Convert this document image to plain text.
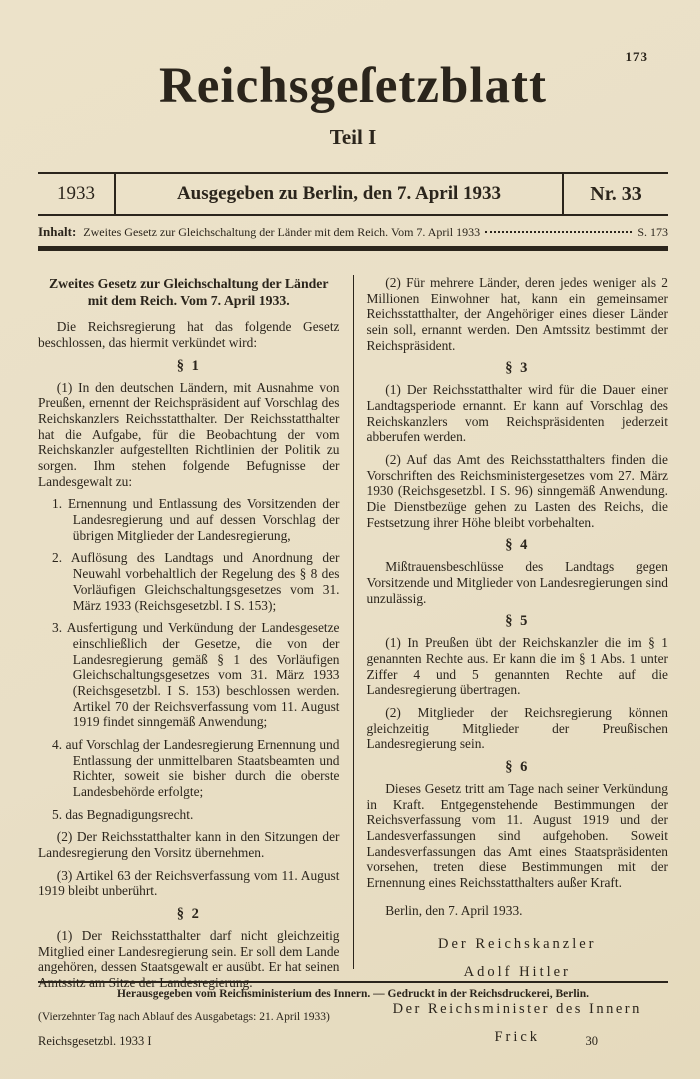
173
Reichsgeſetzblatt
Teil I
1933	Ausgegeben zu Berlin, den 7. April 1933	Nr. 33
Inhalt: Zweites Gesetz zur Gleichschaltung der Länder mit dem Reich. Vom 7. April 1933	S. 173
Zweites Gesetz zur Gleichschaltung der Länder mit dem Reich. Vom 7. April 1933.

Die Reichsregierung hat das folgende Gesetz beschlossen, das hiermit verkündet wird:

§ 1

(1) In den deutschen Ländern, mit Ausnahme von Preußen, ernennt der Reichspräsident auf Vorschlag des Reichskanzlers Reichsstatthalter. Der Reichsstatthalter hat die Aufgabe, für die Beobachtung der vom Reichskanzler aufgestellten Richtlinien der Politik zu sorgen. Ihm stehen folgende Befugnisse der Landesgewalt zu:

1. Ernennung und Entlassung des Vorsitzenden der Landesregierung und auf dessen Vorschlag der übrigen Mitglieder der Landesregierung,
2. Auflösung des Landtags und Anordnung der Neuwahl vorbehaltlich der Regelung des § 8 des Vorläufigen Gleichschaltungsgesetzes vom 31. März 1933 (Reichsgesetzbl. I S. 153);
3. Ausfertigung und Verkündung der Landesgesetze einschließlich der Gesetze, die von der Landesregierung gemäß § 1 des Vorläufigen Gleichschaltungsgesetzes vom 31. März 1933 (Reichsgesetzbl. I S. 153) beschlossen werden. Artikel 70 der Reichsverfassung vom 11. August 1919 findet sinngemäß Anwendung;
4. auf Vorschlag der Landesregierung Ernennung und Entlassung der unmittelbaren Staatsbeamten und Richter, soweit sie bisher durch die oberste Landesbehörde erfolgte;
5. das Begnadigungsrecht.

(2) Der Reichsstatthalter kann in den Sitzungen der Landesregierung den Vorsitz übernehmen.

(3) Artikel 63 der Reichsverfassung vom 11. August 1919 bleibt unberührt.

§ 2

(1) Der Reichsstatthalter darf nicht gleichzeitig Mitglied einer Landesregierung sein. Er soll dem Lande angehören, dessen Staatsgewalt er ausübt. Er hat seinen Amtssitz am Sitze der Landesregierung.

(2) Für mehrere Länder, deren jedes weniger als 2 Millionen Einwohner hat, kann ein gemeinsamer Reichsstatthalter, der Angehöriger eines dieser Länder sein soll, ernannt werden. Den Amtssitz bestimmt der Reichspräsident.

§ 3

(1) Der Reichsstatthalter wird für die Dauer einer Landtagsperiode ernannt. Er kann auf Vorschlag des Reichskanzlers vom Reichspräsidenten jederzeit abberufen werden.

(2) Auf das Amt des Reichsstatthalters finden die Vorschriften des Reichsministergesetzes vom 27. März 1930 (Reichsgesetzbl. I S. 96) sinngemäß Anwendung. Die Dienstbezüge gehen zu Lasten des Reichs, die Festsetzung ihrer Höhe bleibt vorbehalten.

§ 4

Mißtrauensbeschlüsse des Landtags gegen Vorsitzende und Mitglieder von Landesregierungen sind unzulässig.

§ 5

(1) In Preußen übt der Reichskanzler die im § 1 genannten Rechte aus. Er kann die im § 1 Abs. 1 unter Ziffer 4 und 5 genannten Rechte auf die Landesregierung übertragen.

(2) Mitglieder der Reichsregierung können gleichzeitig Mitglieder der Preußischen Landesregierung sein.

§ 6

Dieses Gesetz tritt am Tage nach seiner Verkündung in Kraft. Entgegenstehende Bestimmungen der Reichsverfassung vom 11. August 1919 und der Landesverfassungen sind aufgehoben. Soweit Landesverfassungen das Amt eines Staatspräsidenten vorsehen, treten diese Bestimmungen mit der Ernennung eines Reichsstatthalters außer Kraft.

Berlin, den 7. April 1933.

Der Reichskanzler
Adolf Hitler
Der Reichsminister des Innern
Frick
Herausgegeben vom Reichsministerium des Innern. — Gedruckt in der Reichsdruckerei, Berlin.
(Vierzehnter Tag nach Ablauf des Ausgabetags: 21. April 1933)
Reichsgesetzbl. 1933 I	30
